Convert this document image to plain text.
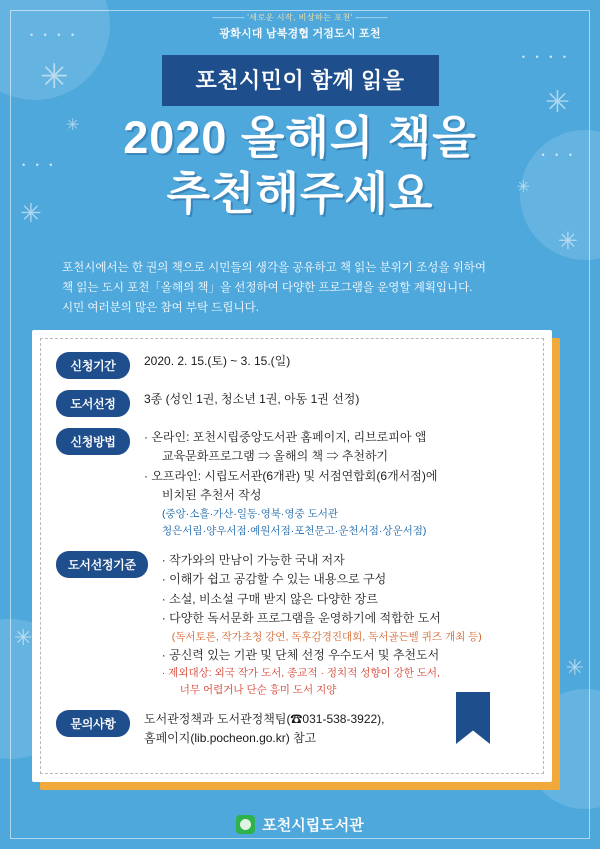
✳
✳
✳
✳
✳
✳
✳
✳
• • • •
• • • •
• • •
• • •
———— '새로운 시작, 비상하는 포천' ————
광화시대 남북경협 거점도시 포천
포천시민이 함께 읽을
2020 올해의 책을
추천해주세요
포천시에서는 한 권의 책으로 시민들의 생각을 공유하고 책 읽는 분위기 조성을 위하여
책 읽는 도시 포천「올해의 책」을 선정하여 다양한 프로그램을 운영할 계획입니다.
시민 여러분의 많은 참여 부탁 드립니다.
신청기간	2020. 2. 15.(토) ~ 3. 15.(일)
도서선정	3종 (성인 1권, 청소년 1권, 아동 1권 선정)
신청방법	· 온라인: 포천시립중앙도서관 홈페이지, 리브로피아 앱
교육문화프로그램 ⇒ 올해의 책 ⇒ 추천하기
· 오프라인: 시립도서관(6개관) 및 서점연합회(6개서점)에
비치된 추천서 작성
(중앙·소흘·가산·일동·영북·영중 도서관
청은서림·양우서점·예원서점·포천문고·운천서점·상운서점)
도서선정기준	· 작가와의 만남이 가능한 국내 저자
· 이해가 쉽고 공감할 수 있는 내용으로 구성
· 소설, 비소설 구매 받지 않은 다양한 장르
· 다양한 독서문화 프로그램을 운영하기에 적합한 도서
(독서토론, 작가초청 강연, 독후감경진대회, 독서골든벨 퀴즈 개최 등)
· 공신력 있는 기관 및 단체 선정 우수도서 및 추천도서
· 제외대상: 외국 작가 도서, 종교적 · 정치적 성향이 강한 도서,
너무 어렵거나 단순 흥미 도서 지양
문의사항	도서관정책과 도서관정책팀(☎031-538-3922),
홈페이지(lib.pocheon.go.kr) 참고
포천시립도서관
